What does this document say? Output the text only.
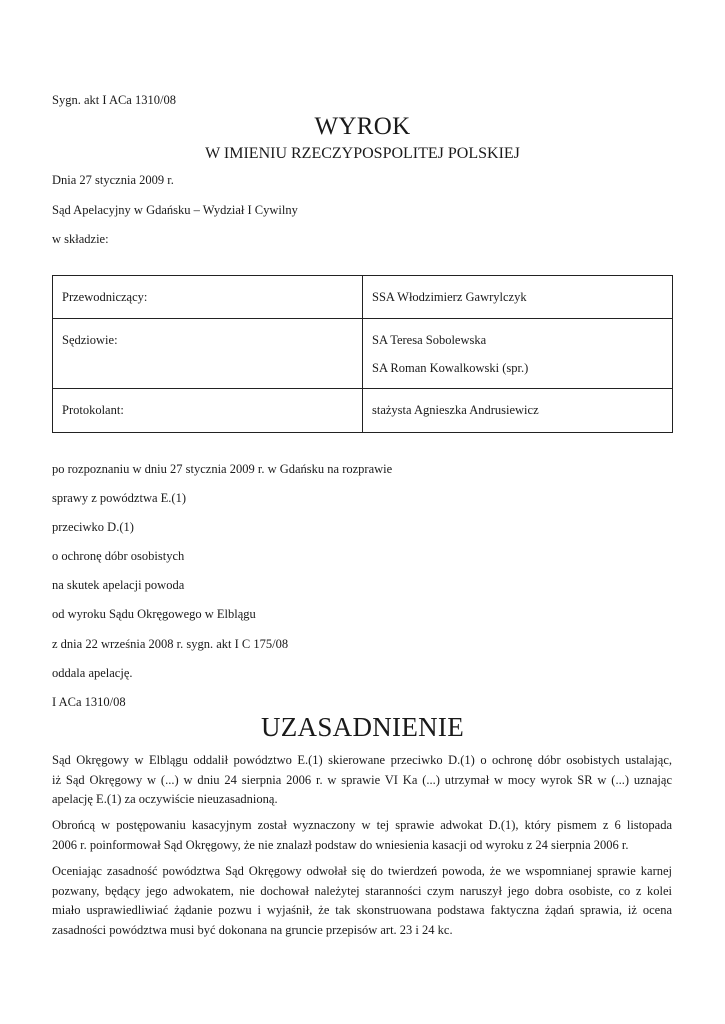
Sygn. akt I ACa 1310/08
WYROK
W IMIENIU RZECZYPOSPOLITEJ POLSKIEJ
Dnia 27 stycznia 2009 r.
Sąd Apelacyjny w Gdańsku – Wydział I Cywilny
w składzie:
Przewodniczący:	SSA Włodzimierz Gawrylczyk

Sędziowie:	SA Teresa Sobolewska
SA Roman Kowalkowski (spr.)

Protokolant:	stażysta Agnieszka Andrusiewicz
po rozpoznaniu w dniu 27 stycznia 2009 r. w Gdańsku na rozprawie
sprawy z powództwa E.(1)
przeciwko D.(1)
o ochronę dóbr osobistych
na skutek apelacji powoda
od wyroku Sądu Okręgowego w Elblągu
z dnia 22 września 2008 r. sygn. akt I C 175/08
oddala apelację.
I ACa 1310/08
UZASADNIENIE
Sąd Okręgowy w Elblągu oddalił powództwo E.(1) skierowane przeciwko D.(1) o ochronę dóbr osobistych ustalając,
iż Sąd Okręgowy w (...) w dniu 24 sierpnia 2006 r. w sprawie VI Ka (...) utrzymał w mocy wyrok SR w (...) uznając
apelację E.(1) za oczywiście nieuzasadnioną.
Obrońcą w postępowaniu kasacyjnym został wyznaczony w tej sprawie adwokat D.(1), który pismem z 6 listopada
2006 r. poinformował Sąd Okręgowy, że nie znalazł podstaw do wniesienia kasacji od wyroku z 24 sierpnia 2006 r.
Oceniając zasadność powództwa Sąd Okręgowy odwołał się do twierdzeń powoda, że we wspomnianej sprawie karnej
pozwany, będący jego adwokatem, nie dochował należytej staranności czym naruszył jego dobra osobiste, co z kolei
miało usprawiedliwiać żądanie pozwu i wyjaśnił, że tak skonstruowana podstawa faktyczna żądań sprawia, iż ocena
zasadności powództwa musi być dokonana na gruncie przepisów art. 23 i 24 kc.
